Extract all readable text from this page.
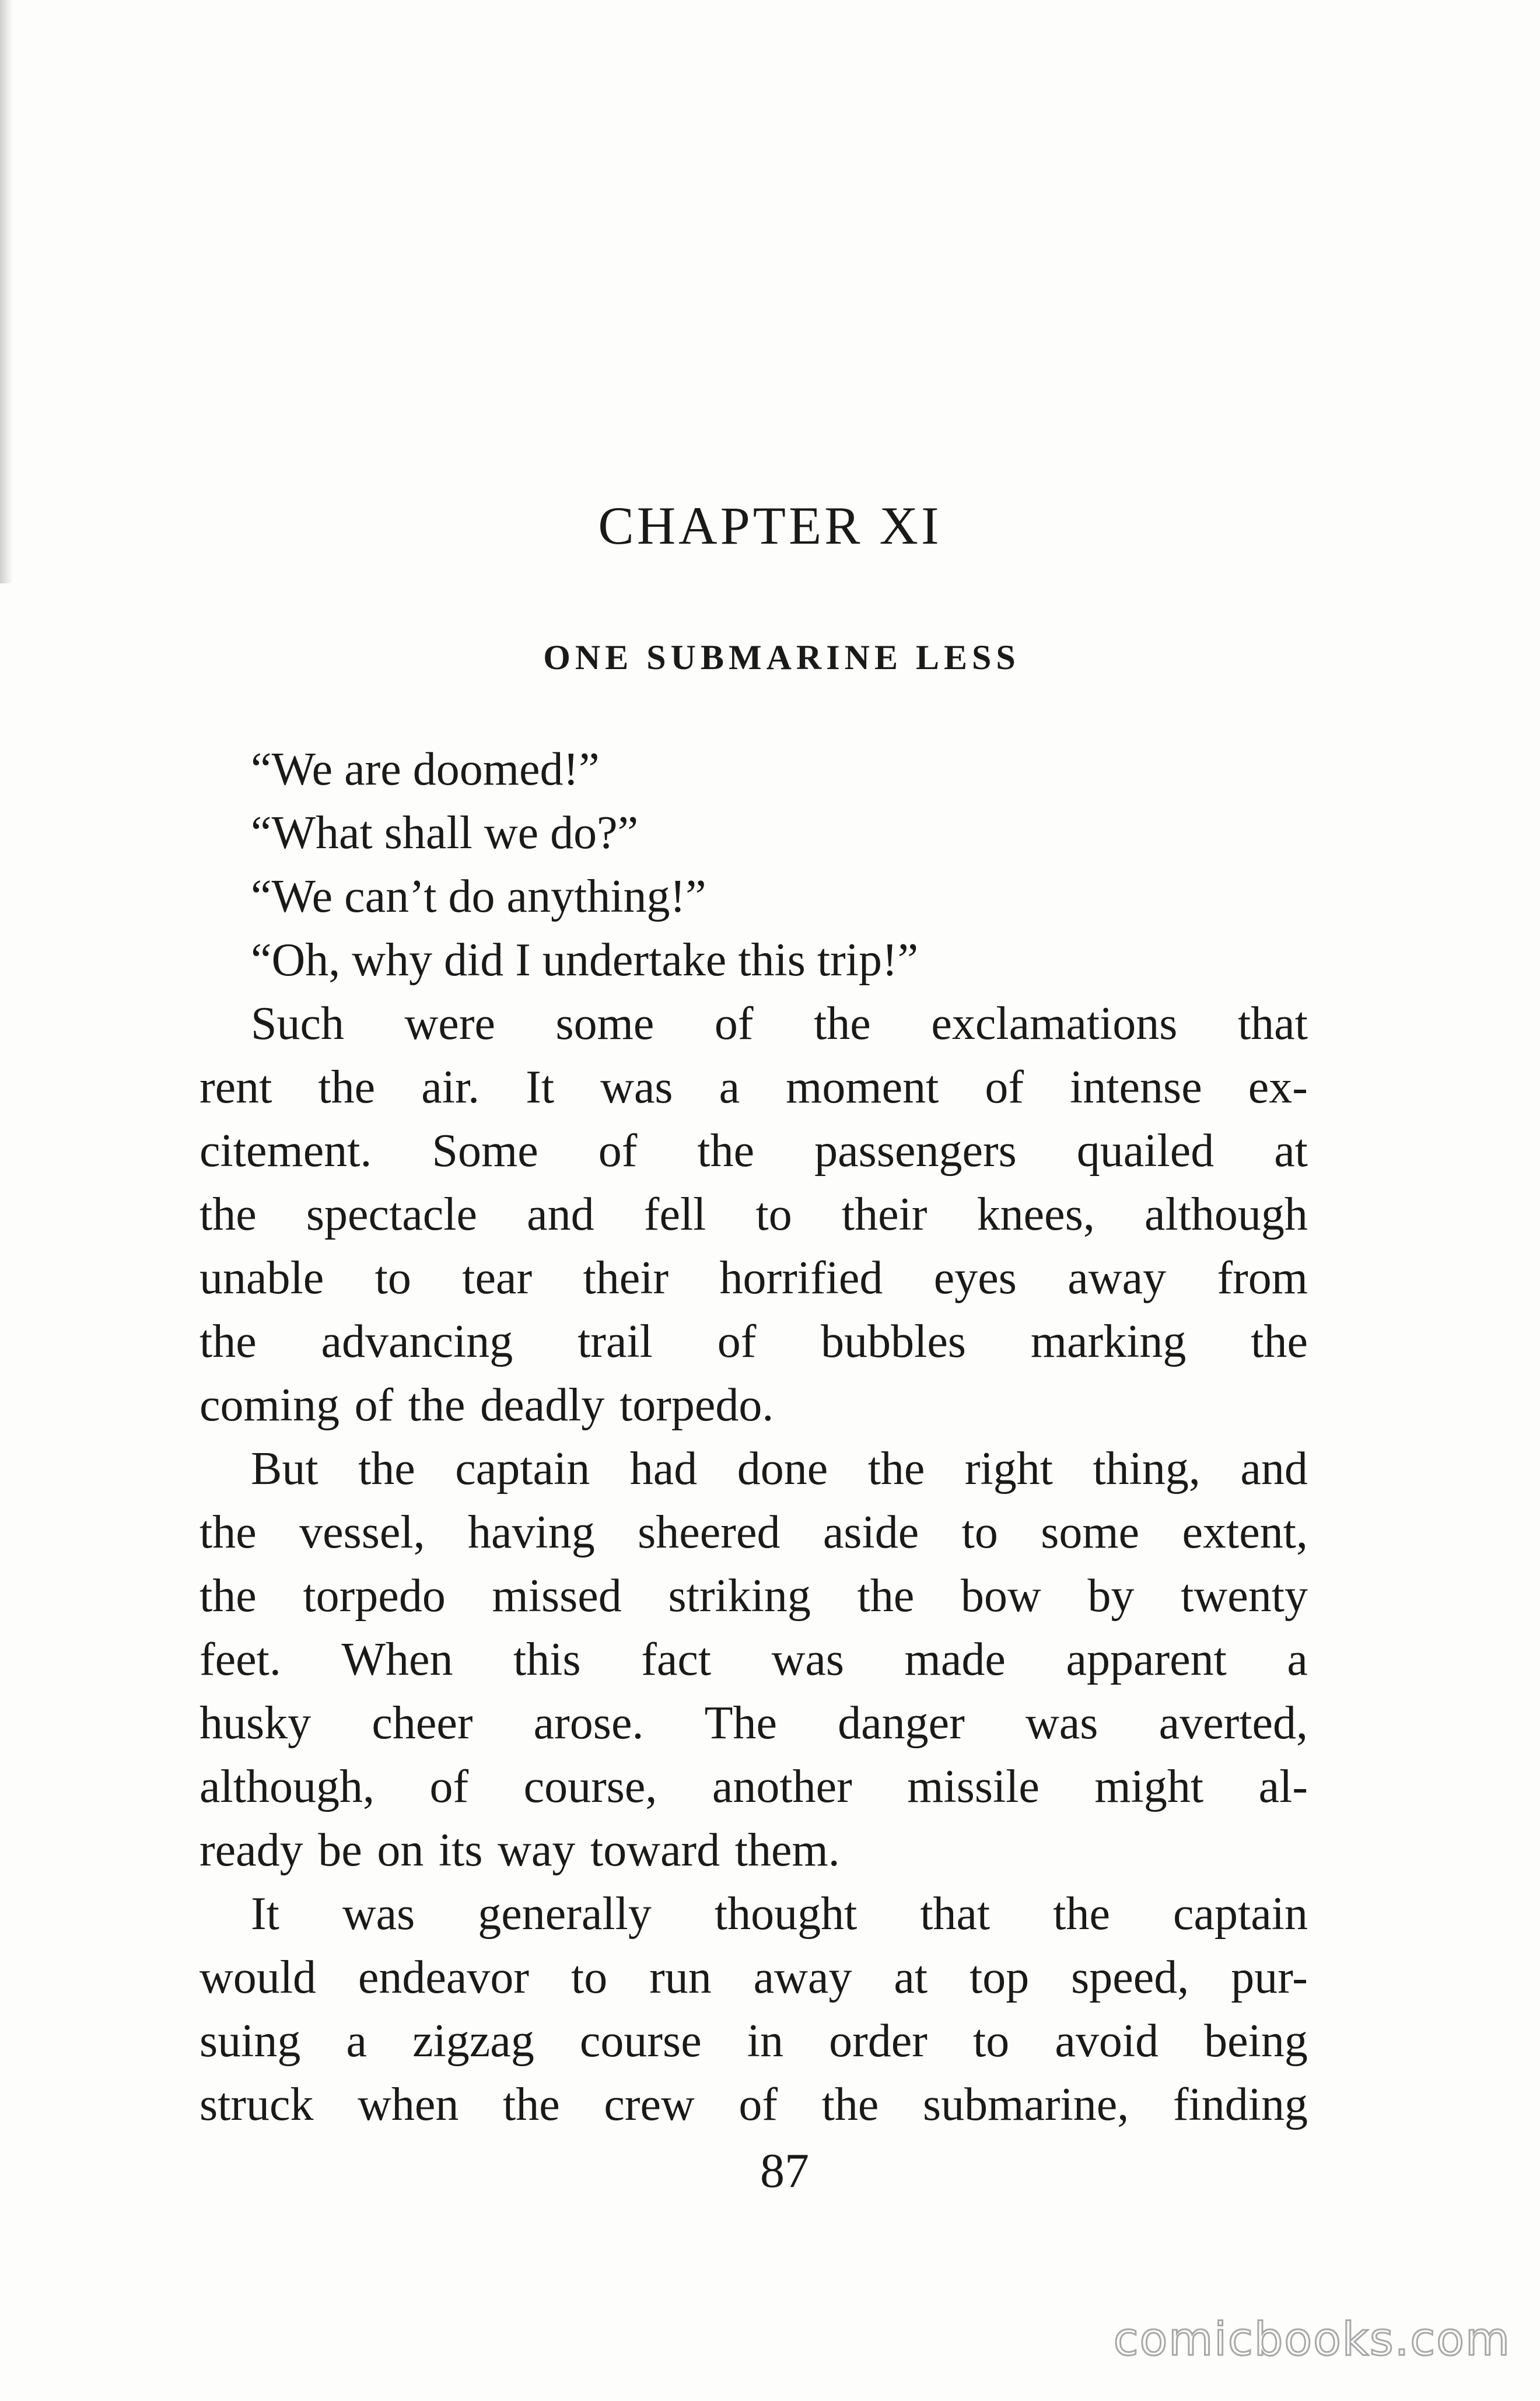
CHAPTER XI
ONE SUBMARINE LESS
“We are doomed!”
“What shall we do?”
“We can’t do anything!”
“Oh, why did I undertake this trip!”
Such were some of the exclamations that
rent the air. It was a moment of intense ex-
citement. Some of the passengers quailed at
the spectacle and fell to their knees, although
unable to tear their horrified eyes away from
the advancing trail of bubbles marking the
coming of the deadly torpedo.
But the captain had done the right thing, and
the vessel, having sheered aside to some extent,
the torpedo missed striking the bow by twenty
feet. When this fact was made apparent a
husky cheer arose. The danger was averted,
although, of course, another missile might al-
ready be on its way toward them.
It was generally thought that the captain
would endeavor to run away at top speed, pur-
suing a zigzag course in order to avoid being
struck when the crew of the submarine, finding
87
comicbooks.com
